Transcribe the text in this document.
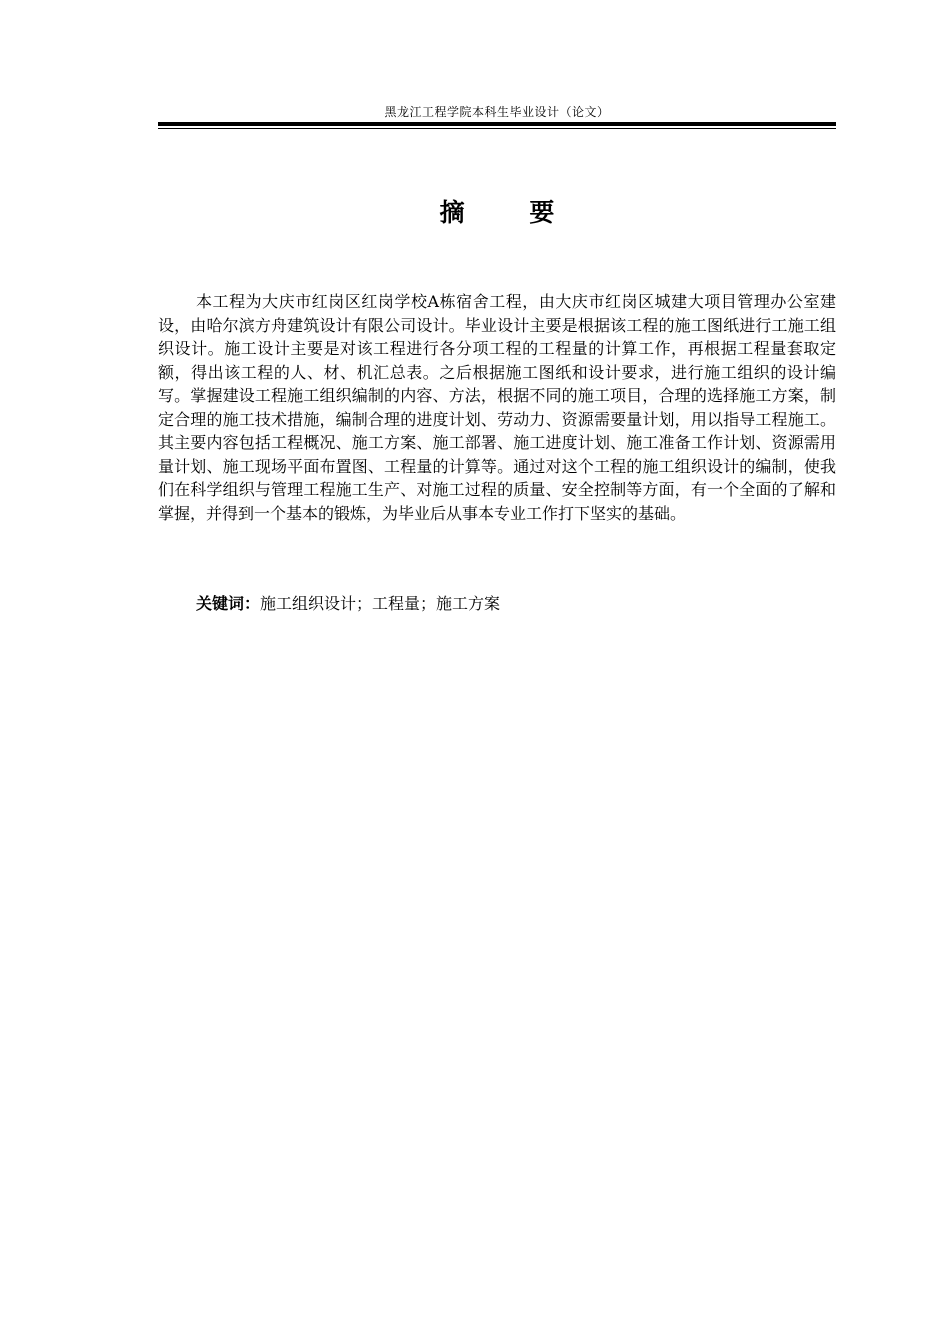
黑龙江工程学院本科生毕业设计（论文）
摘 要

本工程为大庆市红岗区红岗学校A栋宿舍工程，由大庆市红岗区城建大项目管理办公室建设，由哈尔滨方舟建筑设计有限公司设计。毕业设计主要是根据该工程的施工图纸进行工施工组织设计。施工设计主要是对该工程进行各分项工程的工程量的计算工作，再根据工程量套取定额，得出该工程的人、材、机汇总表。之后根据施工图纸和设计要求，进行施工组织的设计编写。掌握建设工程施工组织编制的内容、方法，根据不同的施工项目，合理的选择施工方案，制定合理的施工技术措施，编制合理的进度计划、劳动力、资源需要量计划，用以指导工程施工。其主要内容包括工程概况、施工方案、施工部署、施工进度计划、施工准备工作计划、资源需用量计划、施工现场平面布置图、工程量的计算等。通过对这个工程的施工组织设计的编制，使我们在科学组织与管理工程施工生产、对施工过程的质量、安全控制等方面，有一个全面的了解和掌握，并得到一个基本的锻炼，为毕业后从事本专业工作打下坚实的基础。

关键词：施工组织设计；工程量；施工方案
